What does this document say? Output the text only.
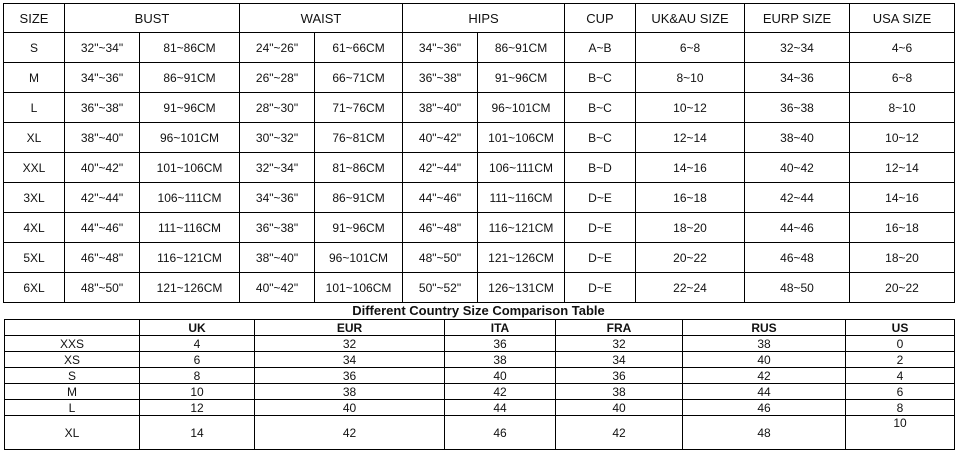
SIZE	BUST		WAIST		HIPS		CUP	UK&AU SIZE	EURP SIZE	USA SIZE
S	32"~34"	81~86CM	24"~26"	61~66CM	34"~36"	86~91CM	A~B	6~8	32~34	4~6
M	34"~36"	86~91CM	26"~28"	66~71CM	36"~38"	91~96CM	B~C	8~10	34~36	6~8
L	36"~38"	91~96CM	28"~30"	71~76CM	38"~40"	96~101CM	B~C	10~12	36~38	8~10
XL	38"~40"	96~101CM	30"~32"	76~81CM	40"~42"	101~106CM	B~C	12~14	38~40	10~12
XXL	40"~42"	101~106CM	32"~34"	81~86CM	42"~44"	106~111CM	B~D	14~16	40~42	12~14
3XL	42"~44"	106~111CM	34"~36"	86~91CM	44"~46"	111~116CM	D~E	16~18	42~44	14~16
4XL	44"~46"	111~116CM	36"~38"	91~96CM	46"~48"	116~121CM	D~E	18~20	44~46	16~18
5XL	46"~48"	116~121CM	38"~40"	96~101CM	48"~50"	121~126CM	D~E	20~22	46~48	18~20
6XL	48"~50"	121~126CM	40"~42"	101~106CM	50"~52"	126~131CM	D~E	22~24	48~50	20~22
Different Country Size Comparison Table
	UK	EUR	ITA	FRA	RUS	US
XXS	4	32	36	32	38	0
XS	6	34	38	34	40	2
S	8	36	40	36	42	4
M	10	38	42	38	44	6
L	12	40	44	40	46	8
XL	14	42	46	42	48	10
